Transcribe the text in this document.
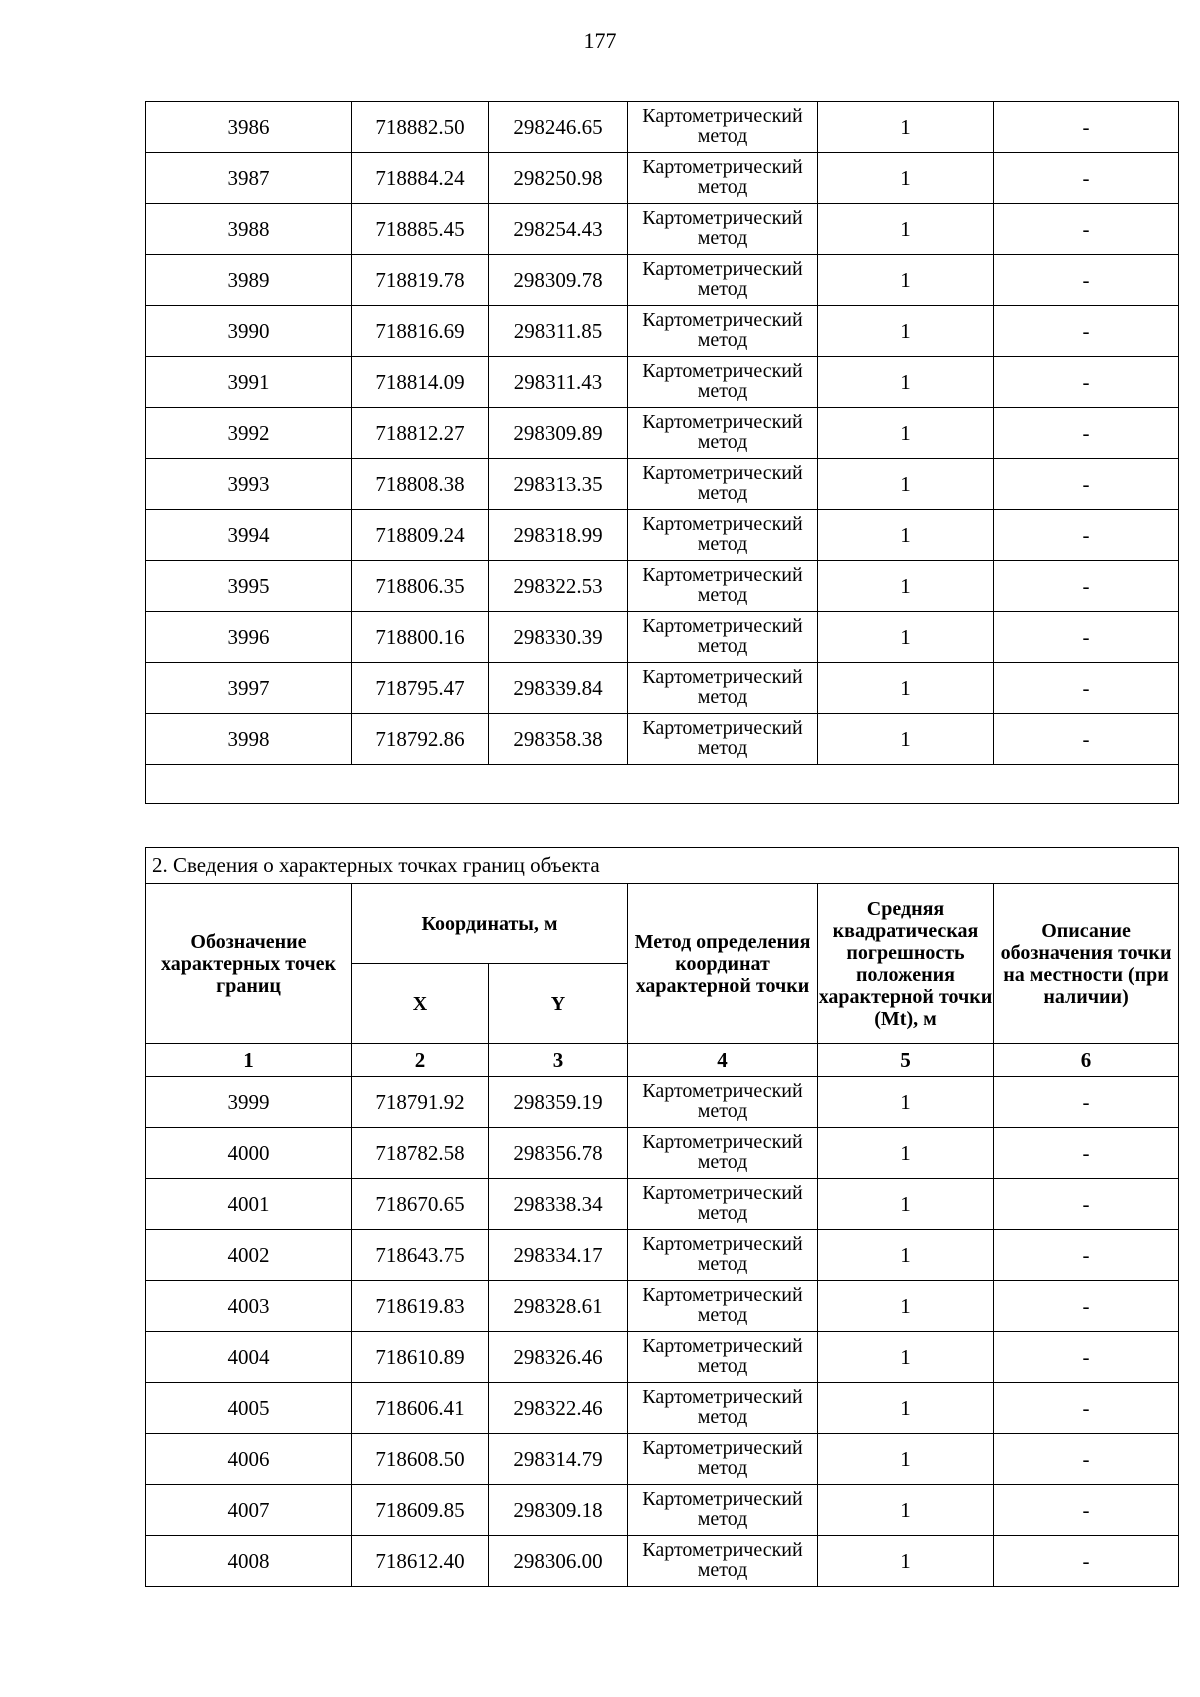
177
3986	718882.50	298246.65	Картометрический метод	1	-
3987	718884.24	298250.98	Картометрический метод	1	-
3988	718885.45	298254.43	Картометрический метод	1	-
3989	718819.78	298309.78	Картометрический метод	1	-
3990	718816.69	298311.85	Картометрический метод	1	-
3991	718814.09	298311.43	Картометрический метод	1	-
3992	718812.27	298309.89	Картометрический метод	1	-
3993	718808.38	298313.35	Картометрический метод	1	-
3994	718809.24	298318.99	Картометрический метод	1	-
3995	718806.35	298322.53	Картометрический метод	1	-
3996	718800.16	298330.39	Картометрический метод	1	-
3997	718795.47	298339.84	Картометрический метод	1	-
3998	718792.86	298358.38	Картометрический метод	1	-

2. Сведения о характерных точках границ объекта					
Обозначение характерных точек границ	Координаты, м		Метод определения координат характерной точки	Средняя квадратическая погрешность положения характерной точки (Mt), м	Описание обозначения точки на местности (при наличии)
	X	Y			
1	2	3	4	5	6
3999	718791.92	298359.19	Картометрический метод	1	-
4000	718782.58	298356.78	Картометрический метод	1	-
4001	718670.65	298338.34	Картометрический метод	1	-
4002	718643.75	298334.17	Картометрический метод	1	-
4003	718619.83	298328.61	Картометрический метод	1	-
4004	718610.89	298326.46	Картометрический метод	1	-
4005	718606.41	298322.46	Картометрический метод	1	-
4006	718608.50	298314.79	Картометрический метод	1	-
4007	718609.85	298309.18	Картометрический метод	1	-
4008	718612.40	298306.00	Картометрический метод	1	-
